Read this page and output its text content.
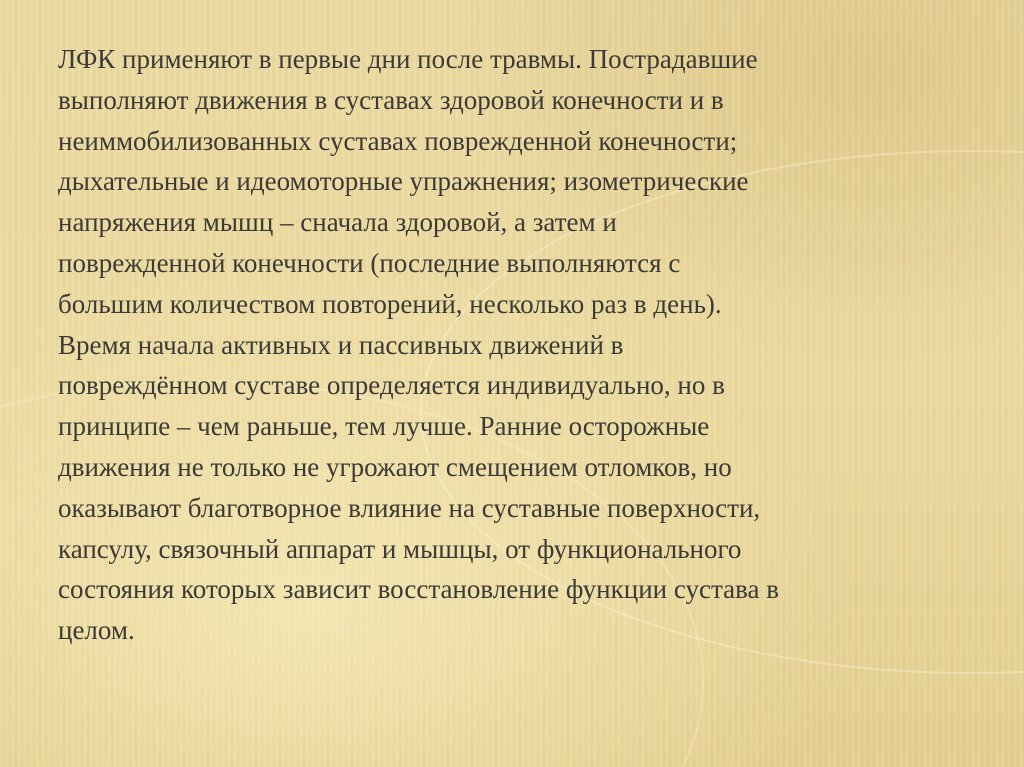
ЛФК применяют в первые дни после травмы. Пострадавшие
выполняют движения в суставах здоровой конечности и в
неиммобилизованных суставах поврежденной конечности;
дыхательные и идеомоторные упражнения; изометрические
напряжения мышц – сначала здоровой, а затем и
поврежденной конечности (последние выполняются с
большим количеством повторений, несколько раз в день).
Время начала активных и пассивных движений в
повреждённом суставе определяется индивидуально, но в
принципе – чем раньше, тем лучше. Ранние осторожные
движения не только не угрожают смещением отломков, но
оказывают благотворное влияние на суставные поверхности,
капсулу, связочный аппарат и мышцы, от функционального
состояния которых зависит восстановление функции сустава в
целом.
